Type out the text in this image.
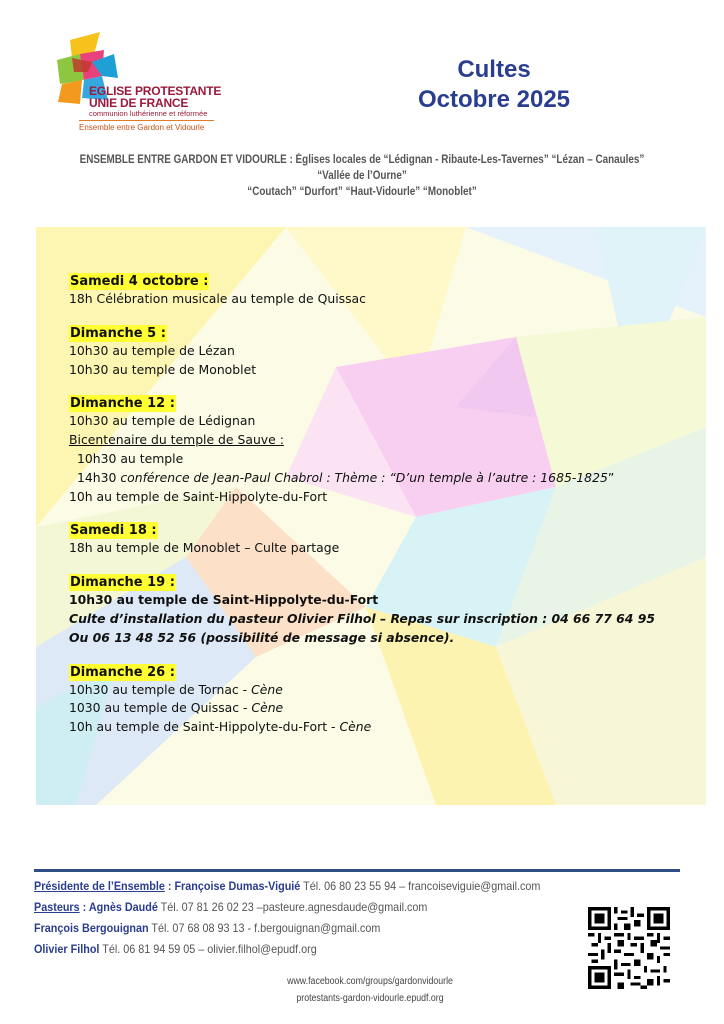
EGLISE PROTESTANTE
UNIE DE FRANCE
communion luthérienne et réformée
Ensemble entre Gardon et Vidourle
Cultes
Octobre 2025
ENSEMBLE ENTRE GARDON ET VIDOURLE : Églises locales de “Lédignan - Ribaute-Les-Tavernes” “Lézan – Canaules” “Vallée de l’Ourne”
“Coutach” “Durfort” “Haut-Vidourle” “Monoblet”
Samedi 4 octobre :
18h Célébration musicale au temple de Quissac
Dimanche 5 :
10h30 au temple de Lézan
10h30 au temple de Monoblet
Dimanche 12 :
10h30 au temple de Lédignan
Bicentenaire du temple de Sauve :
10h30 au temple
14h30 conférence de Jean-Paul Chabrol : Thème : “D’un temple à l’autre : 1685-1825”
10h au temple de Saint-Hippolyte-du-Fort
Samedi 18 :
18h au temple de Monoblet – Culte partage
Dimanche 19 :
10h30 au temple de Saint-Hippolyte-du-Fort
Culte d’installation du pasteur Olivier Filhol – Repas sur inscription : 04 66 77 64 95
Ou 06 13 48 52 56 (possibilité de message si absence).
Dimanche 26 :
10h30 au temple de Tornac - Cène
1030 au temple de Quissac - Cène
10h au temple de Saint-Hippolyte-du-Fort - Cène
Présidente de l’Ensemble : Françoise Dumas-Viguié Tél. 06 80 23 55 94 – francoiseviguie@gmail.com
Pasteurs : Agnès Daudé Tél. 07 81 26 02 23 –pasteure.agnesdaude@gmail.com
François Bergouignan Tél. 07 68 08 93 13 - f.bergouignan@gmail.com
Olivier Filhol Tél. 06 81 94 59 05 – olivier.filhol@epudf.org
www.facebook.com/groups/gardonvidourle
protestants-gardon-vidourle.epudf.org
